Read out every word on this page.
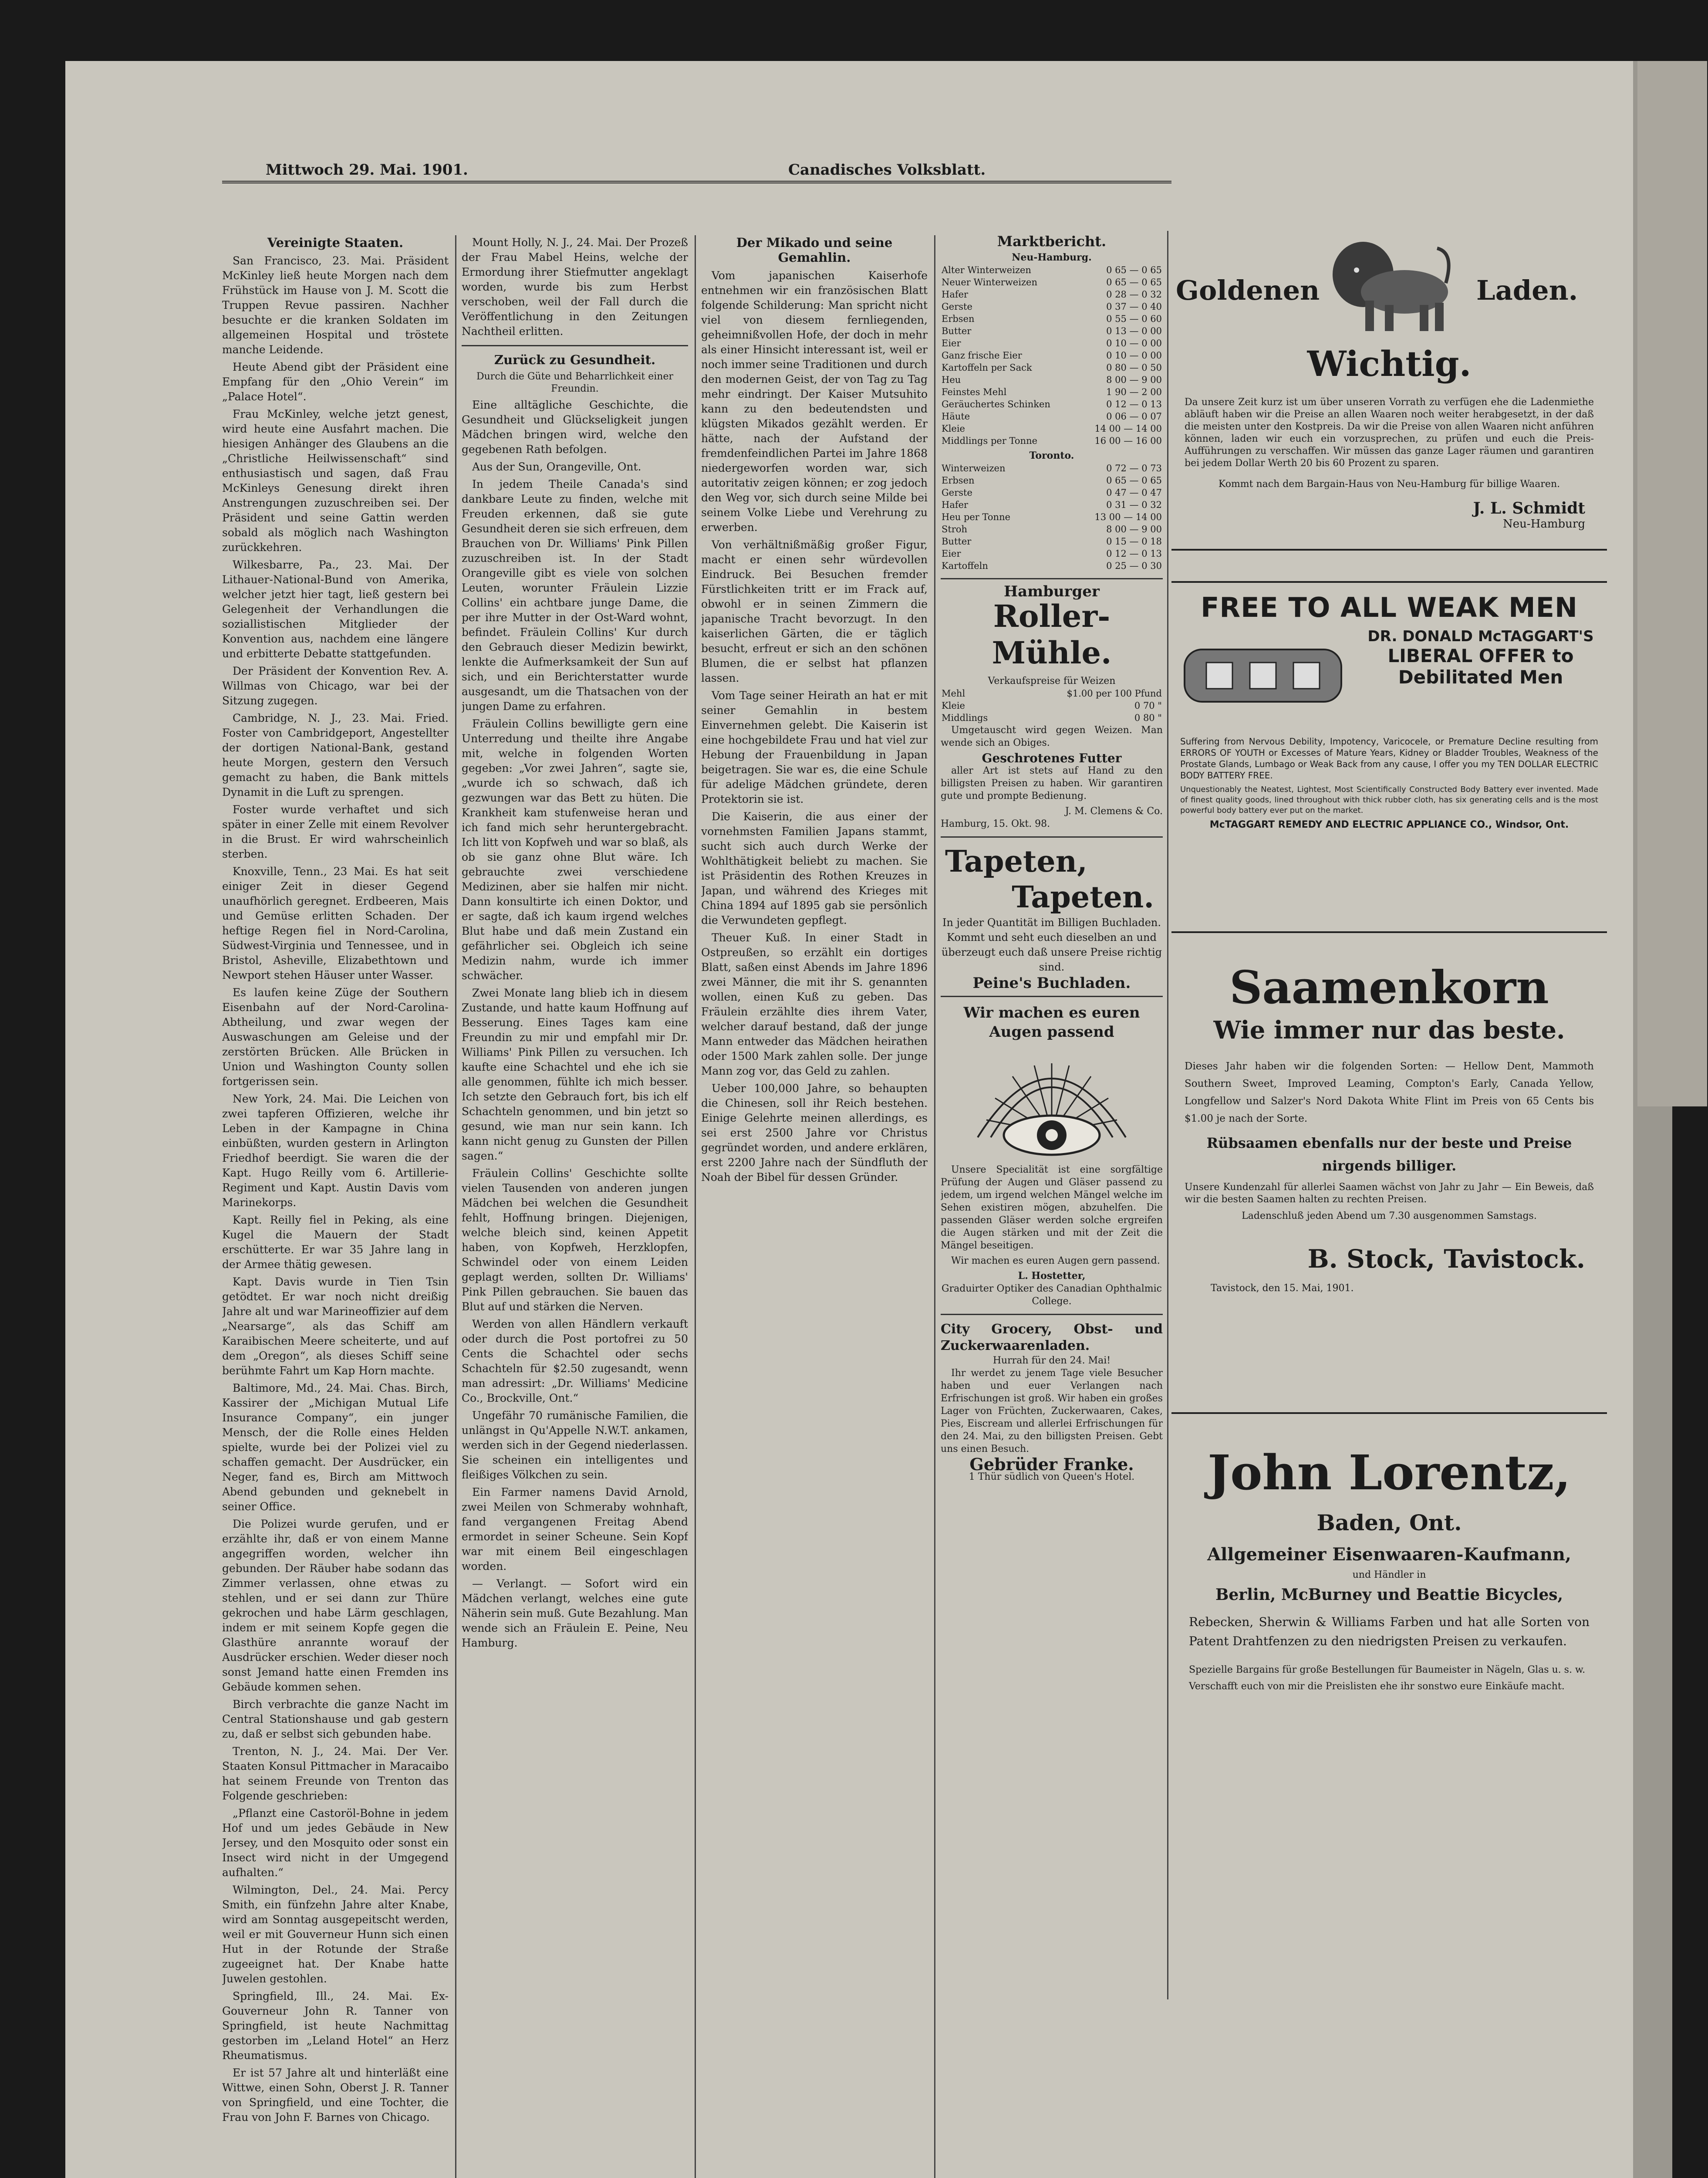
Mittwoch 29. Mai. 1901.	Canadisches Volksblatt.
Vereinigte Staaten.

San Francisco, 23. Mai. Präsident McKinley ließ heute Morgen nach dem Frühstück im Hause von J. M. Scott die Truppen Revue passiren. Nachher besuchte er die kranken Soldaten im allgemeinen Hospital und tröstete manche Leidende.

Heute Abend gibt der Präsident eine Empfang für den „Ohio Verein“ im „Palace Hotel“.

Frau McKinley, welche jetzt genest, wird heute eine Ausfahrt machen. Die hiesigen Anhänger des Glaubens an die „Christliche Heilwissenschaft“ sind enthusiastisch und sagen, daß Frau McKinleys Genesung direkt ihren Anstrengungen zuzuschreiben sei. Der Präsident und seine Gattin werden sobald als möglich nach Washington zurückkehren.

Wilkesbarre, Pa., 23. Mai. Der Lithauer-National-Bund von Amerika, welcher jetzt hier tagt, ließ gestern bei Gelegenheit der Verhandlungen die soziallistischen Mitglieder der Konvention aus, nachdem eine längere und erbitterte Debatte stattgefunden.

Der Präsident der Konvention Rev. A. Willmas von Chicago, war bei der Sitzung zugegen.

Cambridge, N. J., 23. Mai. Fried. Foster von Cambridgeport, Angestellter der dortigen National-Bank, gestand heute Morgen, gestern den Versuch gemacht zu haben, die Bank mittels Dynamit in die Luft zu sprengen.

Foster wurde verhaftet und sich später in einer Zelle mit einem Revolver in die Brust. Er wird wahrscheinlich sterben.

Knoxville, Tenn., 23 Mai. Es hat seit einiger Zeit in dieser Gegend unaufhörlich geregnet. Erdbeeren, Mais und Gemüse erlitten Schaden. Der heftige Regen fiel in Nord-Carolina, Südwest-Virginia und Tennessee, und in Bristol, Asheville, Elizabethtown und Newport stehen Häuser unter Wasser.

Es laufen keine Züge der Southern Eisenbahn auf der Nord-Carolina-Abtheilung, und zwar wegen der Auswaschungen am Geleise und der zerstörten Brücken. Alle Brücken in Union und Washington County sollen fortgerissen sein.

New York, 24. Mai. Die Leichen von zwei tapferen Offizieren, welche ihr Leben in der Kampagne in China einbüßten, wurden gestern in Arlington Friedhof beerdigt. Sie waren die der Kapt. Hugo Reilly vom 6. Artillerie-Regiment und Kapt. Austin Davis vom Marinekorps.

Kapt. Reilly fiel in Peking, als eine Kugel die Mauern der Stadt erschütterte. Er war 35 Jahre lang in der Armee thätig gewesen.

Kapt. Davis wurde in Tien Tsin getödtet. Er war noch nicht dreißig Jahre alt und war Marineoffizier auf dem „Nearsarge“, als das Schiff am Karaibischen Meere scheiterte, und auf dem „Oregon“, als dieses Schiff seine berühmte Fahrt um Kap Horn machte.

Baltimore, Md., 24. Mai. Chas. Birch, Kassirer der „Michigan Mutual Life Insurance Company“, ein junger Mensch, der die Rolle eines Helden spielte, wurde bei der Polizei viel zu schaffen gemacht. Der Ausdrücker, ein Neger, fand es, Birch am Mittwoch Abend gebunden und geknebelt in seiner Office.

Die Polizei wurde gerufen, und er erzählte ihr, daß er von einem Manne angegriffen worden, welcher ihn gebunden. Der Räuber habe sodann das Zimmer verlassen, ohne etwas zu stehlen, und er sei dann zur Thüre gekrochen und habe Lärm geschlagen, indem er mit seinem Kopfe gegen die Glasthüre anrannte worauf der Ausdrücker erschien. Weder dieser noch sonst Jemand hatte einen Fremden ins Gebäude kommen sehen.

Birch verbrachte die ganze Nacht im Central Stationshause und gab gestern zu, daß er selbst sich gebunden habe.

Trenton, N. J., 24. Mai. Der Ver. Staaten Konsul Pittmacher in Maracaibo hat seinem Freunde von Trenton das Folgende geschrieben:

„Pflanzt eine Castoröl-Bohne in jedem Hof und um jedes Gebäude in New Jersey, und den Mosquito oder sonst ein Insect wird nicht in der Umgegend aufhalten.“

Wilmington, Del., 24. Mai. Percy Smith, ein fünfzehn Jahre alter Knabe, wird am Sonntag ausgepeitscht werden, weil er mit Gouverneur Hunn sich einen Hut in der Rotunde der Straße zugeeignet hat. Der Knabe hatte Juwelen gestohlen.

Springfield, Ill., 24. Mai. Ex-Gouverneur John R. Tanner von Springfield, ist heute Nachmittag gestorben im „Leland Hotel“ an Herz Rheumatismus.

Er ist 57 Jahre alt und hinterläßt eine Wittwe, einen Sohn, Oberst J. R. Tanner von Springfield, und eine Tochter, die Frau von John F. Barnes von Chicago.

Mount Holly, N. J., 24. Mai. Der Prozeß der Frau Mabel Heins, welche der Ermordung ihrer Stiefmutter angeklagt worden, wurde bis zum Herbst verschoben, weil der Fall durch die Veröffentlichung in den Zeitungen Nachtheil erlitten.

Zurück zu Gesundheit.

Durch die Güte und Beharrlichkeit einer Freundin.

Eine alltägliche Geschichte, die Gesundheit und Glückseligkeit jungen Mädchen bringen wird, welche den gegebenen Rath befolgen.

Aus der Sun, Orangeville, Ont.

In jedem Theile Canada's sind dankbare Leute zu finden, welche mit Freuden erkennen, daß sie gute Gesundheit deren sie sich erfreuen, dem Brauchen von Dr. Williams' Pink Pillen zuzuschreiben ist. In der Stadt Orangeville gibt es viele von solchen Leuten, worunter Fräulein Lizzie Collins' ein achtbare junge Dame, die per ihre Mutter in der Ost-Ward wohnt, befindet. Fräulein Collins' Kur durch den Gebrauch dieser Medizin bewirkt, lenkte die Aufmerksamkeit der Sun auf sich, und ein Berichterstatter wurde ausgesandt, um die Thatsachen von der jungen Dame zu erfahren.

Fräulein Collins bewilligte gern eine Unterredung und theilte ihre Angabe mit, welche in folgenden Worten gegeben: „Vor zwei Jahren“, sagte sie, „wurde ich so schwach, daß ich gezwungen war das Bett zu hüten. Die Krankheit kam stufenweise heran und ich fand mich sehr heruntergebracht. Ich litt von Kopfweh und war so blaß, als ob sie ganz ohne Blut wäre. Ich gebrauchte zwei verschiedene Medizinen, aber sie halfen mir nicht. Dann konsultirte ich einen Doktor, und er sagte, daß ich kaum irgend welches Blut habe und daß mein Zustand ein gefährlicher sei. Obgleich ich seine Medizin nahm, wurde ich immer schwächer.

Zwei Monate lang blieb ich in diesem Zustande, und hatte kaum Hoffnung auf Besserung. Eines Tages kam eine Freundin zu mir und empfahl mir Dr. Williams' Pink Pillen zu versuchen. Ich kaufte eine Schachtel und ehe ich sie alle genommen, fühlte ich mich besser. Ich setzte den Gebrauch fort, bis ich elf Schachteln genommen, und bin jetzt so gesund, wie man nur sein kann. Ich kann nicht genug zu Gunsten der Pillen sagen.“

Fräulein Collins' Geschichte sollte vielen Tausenden von anderen jungen Mädchen bei welchen die Gesundheit fehlt, Hoffnung bringen. Diejenigen, welche bleich sind, keinen Appetit haben, von Kopfweh, Herzklopfen, Schwindel oder von einem Leiden geplagt werden, sollten Dr. Williams' Pink Pillen gebrauchen. Sie bauen das Blut auf und stärken die Nerven.

Werden von allen Händlern verkauft oder durch die Post portofrei zu 50 Cents die Schachtel oder sechs Schachteln für $2.50 zugesandt, wenn man adressirt: „Dr. Williams' Medicine Co., Brockville, Ont.“

Ungefähr 70 rumänische Familien, die unlängst in Qu'Appelle N.W.T. ankamen, werden sich in der Gegend niederlassen. Sie scheinen ein intelligentes und fleißiges Völkchen zu sein.

Ein Farmer namens David Arnold, zwei Meilen von Schmeraby wohnhaft, fand vergangenen Freitag Abend ermordet in seiner Scheune. Sein Kopf war mit einem Beil eingeschlagen worden.

— Verlangt. — Sofort wird ein Mädchen verlangt, welches eine gute Näherin sein muß. Gute Bezahlung. Man wende sich an Fräulein E. Peine, Neu Hamburg.

Der Mikado und seine Gemahlin.

Vom japanischen Kaiserhofe entnehmen wir ein französischen Blatt folgende Schilderung: Man spricht nicht viel von diesem fernliegenden, geheimnißvollen Hofe, der doch in mehr als einer Hinsicht interessant ist, weil er noch immer seine Traditionen und durch den modernen Geist, der von Tag zu Tag mehr eindringt. Der Kaiser Mutsuhito kann zu den bedeutendsten und klügsten Mikados gezählt werden. Er hätte, nach der Aufstand der fremdenfeindlichen Partei im Jahre 1868 niedergeworfen worden war, sich autoritativ zeigen können; er zog jedoch den Weg vor, sich durch seine Milde bei seinem Volke Liebe und Verehrung zu erwerben.

Von verhältnißmäßig großer Figur, macht er einen sehr würdevollen Eindruck. Bei Besuchen fremder Fürstlichkeiten tritt er im Frack auf, obwohl er in seinen Zimmern die japanische Tracht bevorzugt. In den kaiserlichen Gärten, die er täglich besucht, erfreut er sich an den schönen Blumen, die er selbst hat pflanzen lassen.

Vom Tage seiner Heirath an hat er mit seiner Gemahlin in bestem Einvernehmen gelebt. Die Kaiserin ist eine hochgebildete Frau und hat viel zur Hebung der Frauenbildung in Japan beigetragen. Sie war es, die eine Schule für adelige Mädchen gründete, deren Protektorin sie ist.

Die Kaiserin, die aus einer der vornehmsten Familien Japans stammt, sucht sich auch durch Werke der Wohlthätigkeit beliebt zu machen. Sie ist Präsidentin des Rothen Kreuzes in Japan, und während des Krieges mit China 1894 auf 1895 gab sie persönlich die Verwundeten gepflegt.

Theuer Kuß. In einer Stadt in Ostpreußen, so erzählt ein dortiges Blatt, saßen einst Abends im Jahre 1896 zwei Männer, die mit ihr S. genannten wollen, einen Kuß zu geben. Das Fräulein erzählte dies ihrem Vater, welcher darauf bestand, daß der junge Mann entweder das Mädchen heirathen oder 1500 Mark zahlen solle. Der junge Mann zog vor, das Geld zu zahlen.

Ueber 100,000 Jahre, so behaupten die Chinesen, soll ihr Reich bestehen. Einige Gelehrte meinen allerdings, es sei erst 2500 Jahre vor Christus gegründet worden, und andere erklären, erst 2200 Jahre nach der Sündfluth der Noah der Bibel für dessen Gründer.

Marktbericht.
Neu-Hamburg.
Alter Winterweizen	0 65 — 0 65
Neuer Winterweizen	0 65 — 0 65
Hafer	0 28 — 0 32
Gerste	0 37 — 0 40
Erbsen	0 55 — 0 60
Butter	0 13 — 0 00
Eier	0 10 — 0 00
Ganz frische Eier	0 10 — 0 00
Kartoffeln per Sack	0 80 — 0 50
Heu	8 00 — 9 00
Feinstes Mehl	1 90 — 2 00
Geräuchertes Schinken	0 12 — 0 13
Häute	0 06 — 0 07
Kleie	14 00 — 14 00
Middlings per Tonne	16 00 — 16 00
Toronto.
Winterweizen	0 72 — 0 73
Erbsen	0 65 — 0 65
Gerste	0 47 — 0 47
Hafer	0 31 — 0 32
Heu per Tonne	13 00 — 14 00
Stroh	8 00 — 9 00
Butter	0 15 — 0 18
Eier	0 12 — 0 13
Kartoffeln	0 25 — 0 30
Hamburger
Roller-
Mühle.
Verkaufspreise für Weizen
Mehl	$1.00 per 100 Pfund
Kleie	0 70 "
Middlings	0 80 "

Umgetauscht wird gegen Weizen. Man wende sich an Obiges.

Geschrotenes Futter

aller Art ist stets auf Hand zu den billigsten Preisen zu haben. Wir garantiren gute und prompte Bedienung.

J. M. Clemens & Co.
Hamburg, 15. Okt. 98.
Tapeten,
Tapeten.

In jeder Quantität im Billigen Buchladen. Kommt und seht euch dieselben an und überzeugt euch daß unsere Preise richtig sind.

Peine's Buchladen.
Wir machen es euren Augen passend

Unsere Specialität ist eine sorgfältige Prüfung der Augen und Gläser passend zu jedem, um irgend welchen Mängel welche im Sehen existiren mögen, abzuhelfen. Die passenden Gläser werden solche ergreifen die Augen stärken und mit der Zeit die Mängel beseitigen.

Wir machen es euren Augen gern passend.

L. Hostetter,
Graduirter Optiker des Canadian Ophthalmic College.
City Grocery, Obst- und Zuckerwaarenladen.
Hurrah für den 24. Mai!

Ihr werdet zu jenem Tage viele Besucher haben und euer Verlangen nach Erfrischungen ist groß. Wir haben ein großes Lager von Früchten, Zuckerwaaren, Cakes, Pies, Eiscream und allerlei Erfrischungen für den 24. Mai, zu den billigsten Preisen. Gebt uns einen Besuch.

Gebrüder Franke.
1 Thür südlich von Queen's Hotel.
Goldenen	Laden.
Wichtig.

Da unsere Zeit kurz ist um über unseren Vorrath zu verfügen ehe die Ladenmiethe abläuft haben wir die Preise an allen Waaren noch weiter herabgesetzt, in der daß die meisten unter den Kostpreis. Da wir die Preise von allen Waaren nicht anführen können, laden wir euch ein vorzusprechen, zu prüfen und euch die Preis-Aufführungen zu verschaffen. Wir müssen das ganze Lager räumen und garantiren bei jedem Dollar Werth 20 bis 60 Prozent zu sparen.

Kommt nach dem Bargain-Haus von Neu-Hamburg für billige Waaren.
J. L. Schmidt
Neu-Hamburg
FREE TO ALL WEAK MEN
DR. DONALD McTAGGART'S
LIBERAL OFFER to
Debilitated Men

Suffering from Nervous Debility, Impotency, Varicocele, or Premature Decline resulting from ERRORS OF YOUTH or Excesses of Mature Years, Kidney or Bladder Troubles, Weakness of the Prostate Glands, Lumbago or Weak Back from any cause, I offer you my TEN DOLLAR ELECTRIC BODY BATTERY FREE.

Unquestionably the Neatest, Lightest, Most Scientifically Constructed Body Battery ever invented. Made of finest quality goods, lined throughout with thick rubber cloth, has six generating cells and is the most powerful body battery ever put on the market.

McTAGGART REMEDY AND ELECTRIC APPLIANCE CO., Windsor, Ont.
Saamenkorn
Wie immer nur das beste.

Dieses Jahr haben wir die folgenden Sorten: — Hellow Dent, Mammoth Southern Sweet, Improved Leaming, Compton's Early, Canada Yellow, Longfellow und Salzer's Nord Dakota White Flint im Preis von 65 Cents bis $1.00 je nach der Sorte.

Rübsaamen ebenfalls nur der beste und Preise nirgends billiger.

Unsere Kundenzahl für allerlei Saamen wächst von Jahr zu Jahr — Ein Beweis, daß wir die besten Saamen halten zu rechten Preisen.

Ladenschluß jeden Abend um 7.30 ausgenommen Samstags.
B. Stock, Tavistock.
Tavistock, den 15. Mai, 1901.
John Lorentz,
Baden, Ont.
Allgemeiner Eisenwaaren-Kaufmann,
und Händler in
Berlin, McBurney und Beattie Bicycles,

Rebecken, Sherwin & Williams Farben und hat alle Sorten von Patent Drahtfenzen zu den niedrigsten Preisen zu verkaufen.

Spezielle Bargains für große Bestellungen für Baumeister in Nägeln, Glas u. s. w.

Verschafft euch von mir die Preislisten ehe ihr sonstwo eure Einkäufe macht.
